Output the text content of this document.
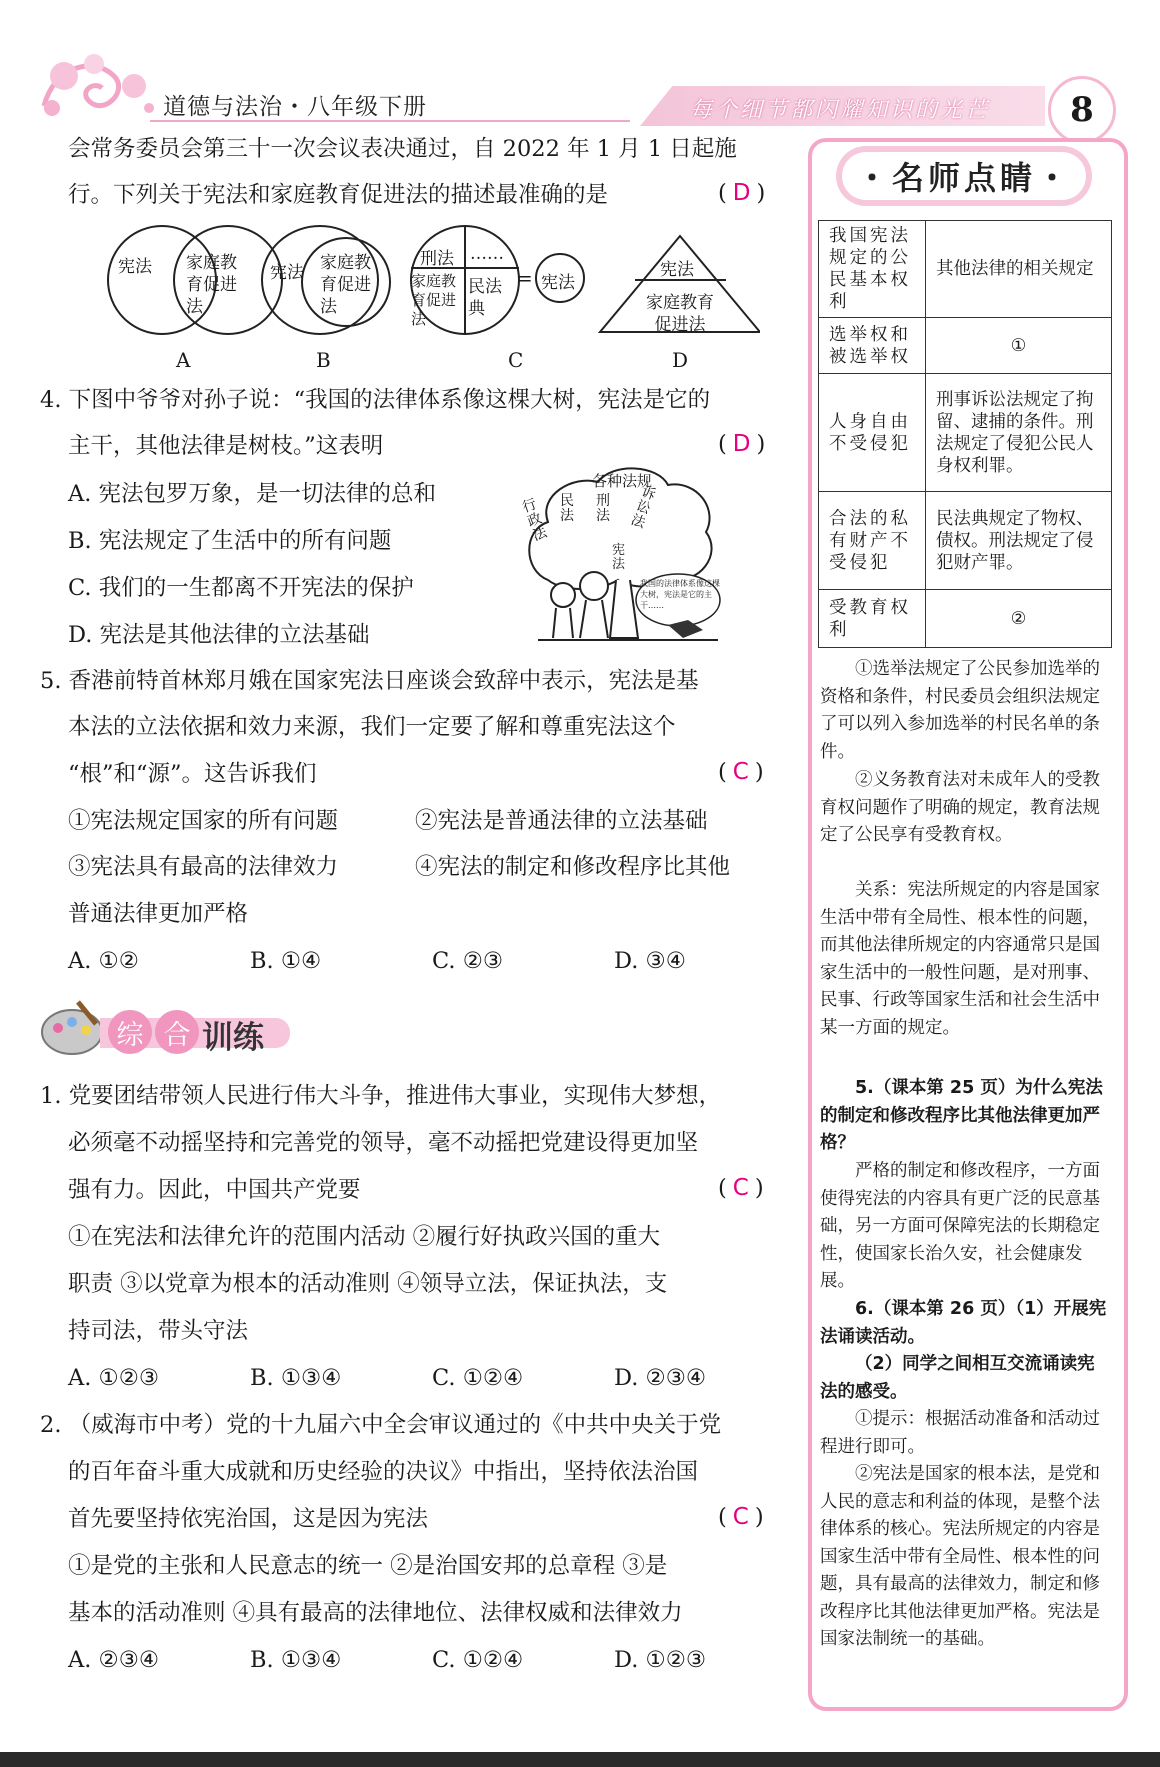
道德与法治・八年级下册	每个细节都闪耀知识的光芒 8
会常务委员会第三十一次会议表决通过，自 2022 年 1 月 1 日起施
行。下列关于宪法和家庭教育促进法的描述最准确的是	( D )
宪法 家庭教育促进法
宪法 家庭教育促进法
刑法 ……
家庭教育促进法
民法典
= 宪法
宪法
家庭教育促进法
A	B	C	D
4. 下图中爷爷对孙子说：“我国的法律体系像这棵大树，宪法是它的
主干，其他法律是树枝。”这表明	( D )
A. 宪法包罗万象，是一切法律的总和
B. 宪法规定了生活中的所有问题
C. 我们的一生都离不开宪法的保护
D. 宪法是其他法律的立法基础
各种法规
行政法
民法
刑法
诉讼法
宪法
我国的法律体系像这棵大树，宪法是它的主干……
5. 香港前特首林郑月娥在国家宪法日座谈会致辞中表示，宪法是基
本法的立法依据和效力来源，我们一定要了解和尊重宪法这个
“根”和“源”。这告诉我们	( C )
①宪法规定国家的所有问题	②宪法是普通法律的立法基础
③宪法具有最高的法律效力	④宪法的制定和修改程序比其他
普通法律更加严格
A. ①②	B. ①④	C. ②③	D. ③④
综 合 训练
1. 党要团结带领人民进行伟大斗争，推进伟大事业，实现伟大梦想，
必须毫不动摇坚持和完善党的领导，毫不动摇把党建设得更加坚
强有力。因此，中国共产党要	( C )
①在宪法和法律允许的范围内活动 ②履行好执政兴国的重大
职责 ③以党章为根本的活动准则 ④领导立法，保证执法，支
持司法，带头守法
A. ①②③	B. ①③④	C. ①②④	D. ②③④
2. （威海市中考）党的十九届六中全会审议通过的《中共中央关于党
的百年奋斗重大成就和历史经验的决议》中指出，坚持依法治国
首先要坚持依宪治国，这是因为宪法	( C )
①是党的主张和人民意志的统一 ②是治国安邦的总章程 ③是
基本的活动准则 ④具有最高的法律地位、法律权威和法律效力
A. ②③④	B. ①③④	C. ①②④	D. ①②③
・名师点睛・
我国宪法规定的公民基本权利	其他法律的相关规定
选举权和被选举权	①
人身自由不受侵犯	刑事诉讼法规定了拘留、逮捕的条件。刑法规定了侵犯公民人身权利罪。
合法的私有财产不受侵犯	民法典规定了物权、债权。刑法规定了侵犯财产罪。
受教育权利	②
①选举法规定了公民参加选举的资格和条件，村民委员会组织法规定了可以列入参加选举的村民名单的条件。
②义务教育法对未成年人的受教育权问题作了明确的规定，教育法规定了公民享有受教育权。
关系：宪法所规定的内容是国家生活中带有全局性、根本性的问题，而其他法律所规定的内容通常只是国家生活中的一般性问题，是对刑事、民事、行政等国家生活和社会生活中某一方面的规定。
5.（课本第 25 页）为什么宪法的制定和修改程序比其他法律更加严格？
严格的制定和修改程序，一方面使得宪法的内容具有更广泛的民意基础，另一方面可保障宪法的长期稳定性，使国家长治久安，社会健康发展。
6.（课本第 26 页）（1）开展宪法诵读活动。
（2）同学之间相互交流诵读宪法的感受。
①提示：根据活动准备和活动过程进行即可。
②宪法是国家的根本法，是党和人民的意志和利益的体现，是整个法律体系的核心。宪法所规定的内容是国家生活中带有全局性、根本性的问题，具有最高的法律效力，制定和修改程序比其他法律更加严格。宪法是国家法制统一的基础。
